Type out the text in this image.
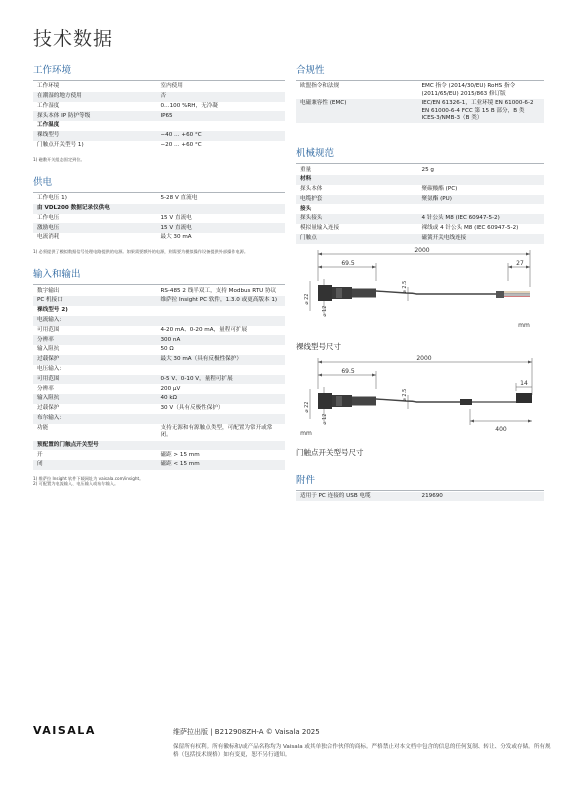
技术数据
工作环境
工作环境	室内使用
在潮湿的地方使用	否
工作湿度	0…100 %RH，无冷凝
探头本体 IP 防护等级	IP65
工作温度	
裸线型号	−40 … +60 °C
门触点开关型号 1)	−20 … +60 °C
1) 磁敷开关组态固定到位。
供电
工作电压 1)	5-28 V 直流电
由 VDL200 数据记录仪供电	
工作电压	15 V 直流电
激励电压	15 V 直流电
电流消耗	最大 30 mA
1) 必须提供了模拟数据信号处理电路提供的电源。如果需要额外的电源，则需要为模拟操作设备提供外部操作电源。
输入和输出
数字输出	RS-485 2 线半双工，支持 Modbus RTU 协议
PC 机接口	维萨拉 Insight PC 软件，1.3.0 或更高版本 1)
裸线型号 2)	
电流输入：	
可用范围	4-20 mA、0-20 mA，量程可扩展
分辨率	300 nA
输入阻抗	50 Ω
过载保护	最大 30 mA（具有反极性保护）
电压输入：	
可用范围	0-5 V、0-10 V，量程可扩展
分辨率	200 µV
输入阻抗	40 kΩ
过载保护	30 V（具有反极性保护）
布尔输入：	
功能	支持无源和有源触点类型，可配置为常开或常闭。
预配置的门触点开关型号	
开	磁距 > 15 mm
闭	磁距 < 15 mm
1) 维萨拉 Insight 软件下载网址为 vaisala.com/insight。
2) 可配置为电流输入、电压输入或布尔输入。
合规性
欧盟指令和法规	EMC 指令 (2014/30/EU) RoHS 指令 (2011/65/EU) 2015/863 修订版
电磁兼容性 (EMC)	IEC/EN 61326-1，工业环境 EN 61000-6-2 EN 61000-6-4 FCC 第 15 B 部分，B 类 ICES-3/NMB-3（B 类）
机械规范
重量	25 g
材料	
探头本体	聚碳酸酯 (PC)
电缆护套	聚氨酯 (PU)
接头	
探头接头	4 针公头 M8 (IEC 60947-5-2)
模拟量输入连接	裸线或 4 针公头 M8 (IEC 60947-5-2)
门触点	磁簧开关电线连接
2000
69.5	27
⌀ 22
⌀ 12
⌀ 2.5
mm
裸线型号尺寸
2000
69.5
14
400
⌀ 22
⌀ 12
⌀ 2.5
mm
门触点开关型号尺寸
附件
适用于 PC 连接的 USB 电缆	219690
VAISALA	维萨拉出版 | B212908ZH-A © Vaisala 2025
保留所有权利。所有徽标和/或产品名称均为 Vaisala 或其单独合作伙伴的商标。严格禁止对本文档中包含的信息的任何复制、转让、分发或存储。所有规格（包括技术规格）如有变更，恕不另行通知。
